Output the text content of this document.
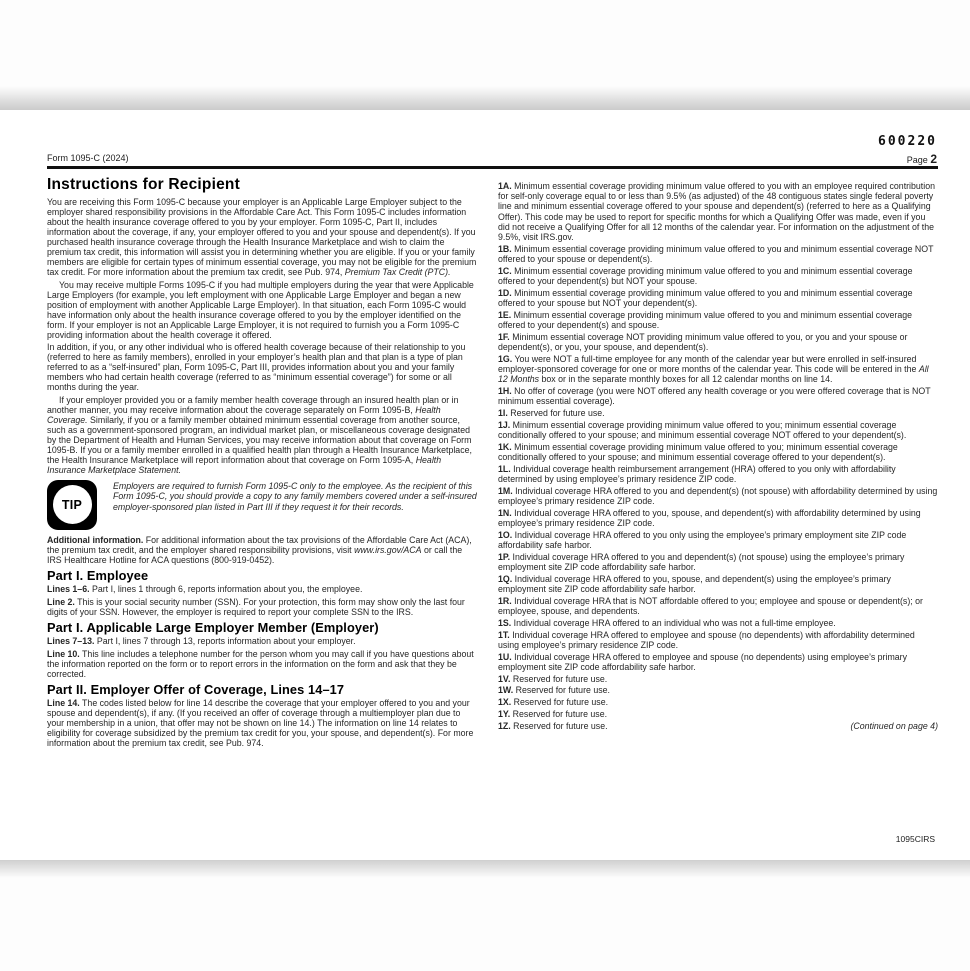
Form 1095-C (2024)
600220
Page 2
Instructions for Recipient

You are receiving this Form 1095-C because your employer is an Applicable Large Employer subject to the employer shared responsibility provisions in the Affordable Care Act. This Form 1095-C includes information about the health insurance coverage offered to you by your employer. Form 1095-C, Part II, includes information about the coverage, if any, your employer offered to you and your spouse and dependent(s). If you purchased health insurance coverage through the Health Insurance Marketplace and wish to claim the premium tax credit, this information will assist you in determining whether you are eligible. If you or your family members are eligible for certain types of minimum essential coverage, you may not be eligible for the premium tax credit. For more information about the premium tax credit, see Pub. 974, Premium Tax Credit (PTC).

You may receive multiple Forms 1095-C if you had multiple employers during the year that were Applicable Large Employers (for example, you left employment with one Applicable Large Employer and began a new position of employment with another Applicable Large Employer). In that situation, each Form 1095-C would have information only about the health insurance coverage offered to you by the employer identified on the form. If your employer is not an Applicable Large Employer, it is not required to furnish you a Form 1095-C providing information about the health coverage it offered.

In addition, if you, or any other individual who is offered health coverage because of their relationship to you (referred to here as family members), enrolled in your employer’s health plan and that plan is a type of plan referred to as a “self-insured” plan, Form 1095-C, Part III, provides information about you and your family members who had certain health coverage (referred to as “minimum essential coverage”) for some or all months during the year.

If your employer provided you or a family member health coverage through an insured health plan or in another manner, you may receive information about the coverage separately on Form 1095-B, Health Coverage. Similarly, if you or a family member obtained minimum essential coverage from another source, such as a government-sponsored program, an individual market plan, or miscellaneous coverage designated by the Department of Health and Human Services, you may receive information about that coverage on Form 1095-B. If you or a family member enrolled in a qualified health plan through a Health Insurance Marketplace, the Health Insurance Marketplace will report information about that coverage on Form 1095-A, Health Insurance Marketplace Statement.

TIP

Employers are required to furnish Form 1095-C only to the employee. As the recipient of this Form 1095-C, you should provide a copy to any family members covered under a self-insured employer-sponsored plan listed in Part III if they request it for their records.

Additional information. For additional information about the tax provisions of the Affordable Care Act (ACA), the premium tax credit, and the employer shared responsibility provisions, visit www.irs.gov/ACA or call the IRS Healthcare Hotline for ACA questions (800-919-0452).

Part I. Employee

Lines 1–6. Part I, lines 1 through 6, reports information about you, the employee.

Line 2. This is your social security number (SSN). For your protection, this form may show only the last four digits of your SSN. However, the employer is required to report your complete SSN to the IRS.

Part I. Applicable Large Employer Member (Employer)

Lines 7–13. Part I, lines 7 through 13, reports information about your employer.

Line 10. This line includes a telephone number for the person whom you may call if you have questions about the information reported on the form or to report errors in the information on the form and ask that they be corrected.

Part II. Employer Offer of Coverage, Lines 14–17

Line 14. The codes listed below for line 14 describe the coverage that your employer offered to you and your spouse and dependent(s), if any. (If you received an offer of coverage through a multiemployer plan due to your membership in a union, that offer may not be shown on line 14.) The information on line 14 relates to eligibility for coverage subsidized by the premium tax credit for you, your spouse, and dependent(s). For more information about the premium tax credit, see Pub. 974.

1A. Minimum essential coverage providing minimum value offered to you with an employee required contribution for self-only coverage equal to or less than 9.5% (as adjusted) of the 48 contiguous states single federal poverty line and minimum essential coverage offered to your spouse and dependent(s) (referred to here as a Qualifying Offer). This code may be used to report for specific months for which a Qualifying Offer was made, even if you did not receive a Qualifying Offer for all 12 months of the calendar year. For information on the adjustment of the 9.5%, visit IRS.gov.

1B. Minimum essential coverage providing minimum value offered to you and minimum essential coverage NOT offered to your spouse or dependent(s).

1C. Minimum essential coverage providing minimum value offered to you and minimum essential coverage offered to your dependent(s) but NOT your spouse.

1D. Minimum essential coverage providing minimum value offered to you and minimum essential coverage offered to your spouse but NOT your dependent(s).

1E. Minimum essential coverage providing minimum value offered to you and minimum essential coverage offered to your dependent(s) and spouse.

1F. Minimum essential coverage NOT providing minimum value offered to you, or you and your spouse or dependent(s), or you, your spouse, and dependent(s).

1G. You were NOT a full-time employee for any month of the calendar year but were enrolled in self-insured employer-sponsored coverage for one or more months of the calendar year. This code will be entered in the All 12 Months box or in the separate monthly boxes for all 12 calendar months on line 14.

1H. No offer of coverage (you were NOT offered any health coverage or you were offered coverage that is NOT minimum essential coverage).

1I. Reserved for future use.

1J. Minimum essential coverage providing minimum value offered to you; minimum essential coverage conditionally offered to your spouse; and minimum essential coverage NOT offered to your dependent(s).

1K. Minimum essential coverage providing minimum value offered to you; minimum essential coverage conditionally offered to your spouse; and minimum essential coverage offered to your dependent(s).

1L. Individual coverage health reimbursement arrangement (HRA) offered to you only with affordability determined by using employee’s primary residence ZIP code.

1M. Individual coverage HRA offered to you and dependent(s) (not spouse) with affordability determined by using employee’s primary residence ZIP code.

1N. Individual coverage HRA offered to you, spouse, and dependent(s) with affordability determined by using employee’s primary residence ZIP code.

1O. Individual coverage HRA offered to you only using the employee’s primary employment site ZIP code affordability safe harbor.

1P. Individual coverage HRA offered to you and dependent(s) (not spouse) using the employee’s primary employment site ZIP code affordability safe harbor.

1Q. Individual coverage HRA offered to you, spouse, and dependent(s) using the employee’s primary employment site ZIP code affordability safe harbor.

1R. Individual coverage HRA that is NOT affordable offered to you; employee and spouse or dependent(s); or employee, spouse, and dependents.

1S. Individual coverage HRA offered to an individual who was not a full-time employee.

1T. Individual coverage HRA offered to employee and spouse (no dependents) with affordability determined using employee’s primary residence ZIP code.

1U. Individual coverage HRA offered to employee and spouse (no dependents) using employee’s primary employment site ZIP code affordability safe harbor.

1V. Reserved for future use.

1W. Reserved for future use.

1X. Reserved for future use.

1Y. Reserved for future use.

1Z.	(Continued on page 4)
Reserved for future use.

1095CIRS
